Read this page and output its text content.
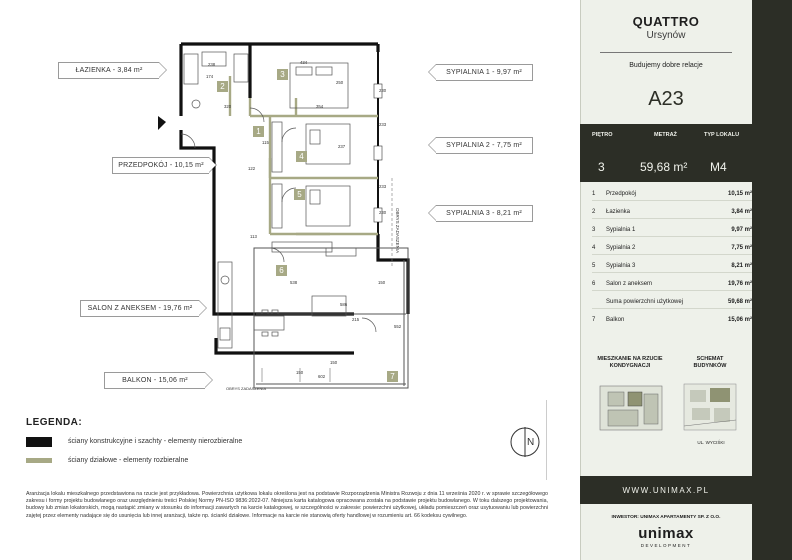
ŁAZIENKA - 3,84 m²
PRZEDPOKÓJ - 10,15 m²
SALON Z ANEKSEM - 19,76 m²
BALKON - 15,06 m²
SYPIALNIA 1 - 9,97 m²
SYPIALNIA 2 - 7,75 m²
SYPIALNIA 3 - 8,21 m²
OBRYS ZADASZENIA
OBRYS ZADASZENIA
238
174
434
250
320
122
115
237
354
113
538	150
586
215
552
602
150
150
233
233
230
230
1
2
3
4
5
6
7
LEGENDA:
ściany konstrukcyjne i szachty - elementy nierozbieralne
ściany działowe - elementy rozbieralne
N
Aranżacja lokalu mieszkalnego przedstawiona na rzucie jest przykładowa. Powierzchnia użytkowa lokalu określona jest na podstawie Rozporządzenia Ministra Rozwoju z dnia 11 września 2020 r. w sprawie szczegółowego zakresu i formy projektu budowlanego oraz uwzględnieniu treści Polskiej Normy PN-ISO 9836:2022-07. Niniejsza karta katalogowa opracowana została na podstawie projektu budowlanego. W toku dalszego projektowania, budowy lub zmian lokatorskich, mogą nastąpić zmiany w stosunku do informacji zawartych na karcie katalogowej, w szczególności w zakresie: powierzchni użytkowej, układu pomieszczeń oraz usytuowaniu lub powierzchni zajętej przez elementy nadające się do usunięcia lub innej aranżacji, także np. ścianki działowe. Informacje na karcie nie stanowią oferty handlowej w rozumieniu art. 66 kodeksu cywilnego.
QUATTRO
Ursynów
Budujemy dobre relacje
A23
PIĘTRO	METRAŻ	TYP LOKALU
3	59,68 m² M4
1 Przedpokój	10,15 m²
2 Łazienka	3,84 m²
3 Sypialnia 1	9,97 m²
4 Sypialnia 2	7,75 m²
5 Sypialnia 3	8,21 m²
6 Salon z aneksem	19,76 m²
Suma powierzchni użytkowej	59,68 m²
7 Balkon	15,06 m²
MIESZKANIE NA RZUCIE KONDYGNACJI
SCHEMAT BUDYNKÓW
UL. WYCIŚKI
WWW.UNIMAX.PL
INWESTOR: UNIMAX APARTAMENTY SP. Z O.O.
unimax
DEVELOPMENT
